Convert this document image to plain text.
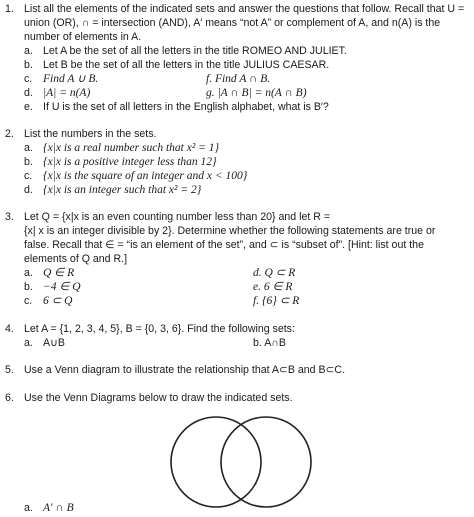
1. List all the elements of the indicated sets and answer the questions that follow. Recall that U =
union (OR), ∩ = intersection (AND), A′ means “not A” or complement of A, and n(A) is the
number of elements in A.
a. Let A be the set of all the letters in the title ROMEO AND JULIET.
b. Let B be the set of all the letters in the title JULIUS CAESAR.
c. Find A ∪ B.	f. Find A ∩ B.
d. |A| = n(A)	g. |A ∩ B| = n(A ∩ B)
e. If U is the set of all letters in the English alphabet, what is B′?
2. List the numbers in the sets.
a. {x|x is a real number such that x² = 1}
b. {x|x is a positive integer less than 12}
c. {x|x is the square of an integer and x < 100}
d. {x|x is an integer such that x² = 2}
3. Let Q = {x|x is an even counting number less than 20} and let R =
{x| x is an integer divisible by 2}. Determine whether the following statements are true or
false. Recall that ∈ = “is an element of the set”, and ⊂ is “subset of”. [Hint: list out the
elements of Q and R.]
a. Q ∈ R	d. Q ⊂ R
b. −4 ∈ Q	e. 6 ∈ R
c. 6 ⊂ Q	f. {6} ⊂ R
4. Let A = {1, 2, 3, 4, 5}, B = {0, 3, 6}. Find the following sets:
a. A∪B	b. A∩B
5. Use a Venn diagram to illustrate the relationship that A⊂B and B⊂C.
6. Use the Venn Diagrams below to draw the indicated sets.
a. A′ ∩ B
